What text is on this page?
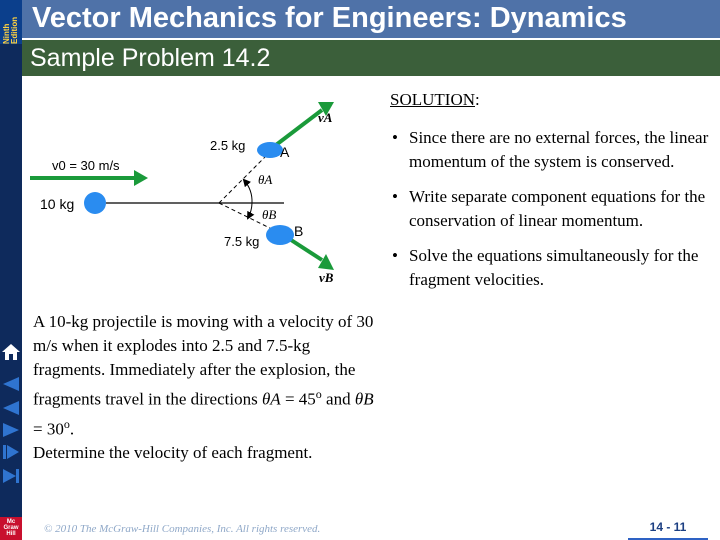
Ninth Edition Vector Mechanics for Engineers: Dynamics
Sample Problem 14.2
v0 = 30 m/s
10 kg
θA
θB
2.5 kg A
vA
7.5 kg
B
vB
A 10-kg projectile is moving with a velocity of 30 m/s when it explodes into 2.5 and 7.5-kg fragments. Immediately after the explosion, the fragments travel in the directions $\theta A = 45^o$ and $\theta B = 30^o$.
Determine the velocity of each fragment.
SOLUTION:
• Since there are no external forces, the linear momentum of the system is conserved.
• Write separate component equations for the conservation of linear momentum.
• Solve the equations simultaneously for the fragment velocities.
© 2010 The McGraw-Hill Companies, Inc. All rights reserved.	14 - 11
Mc Graw Hill
